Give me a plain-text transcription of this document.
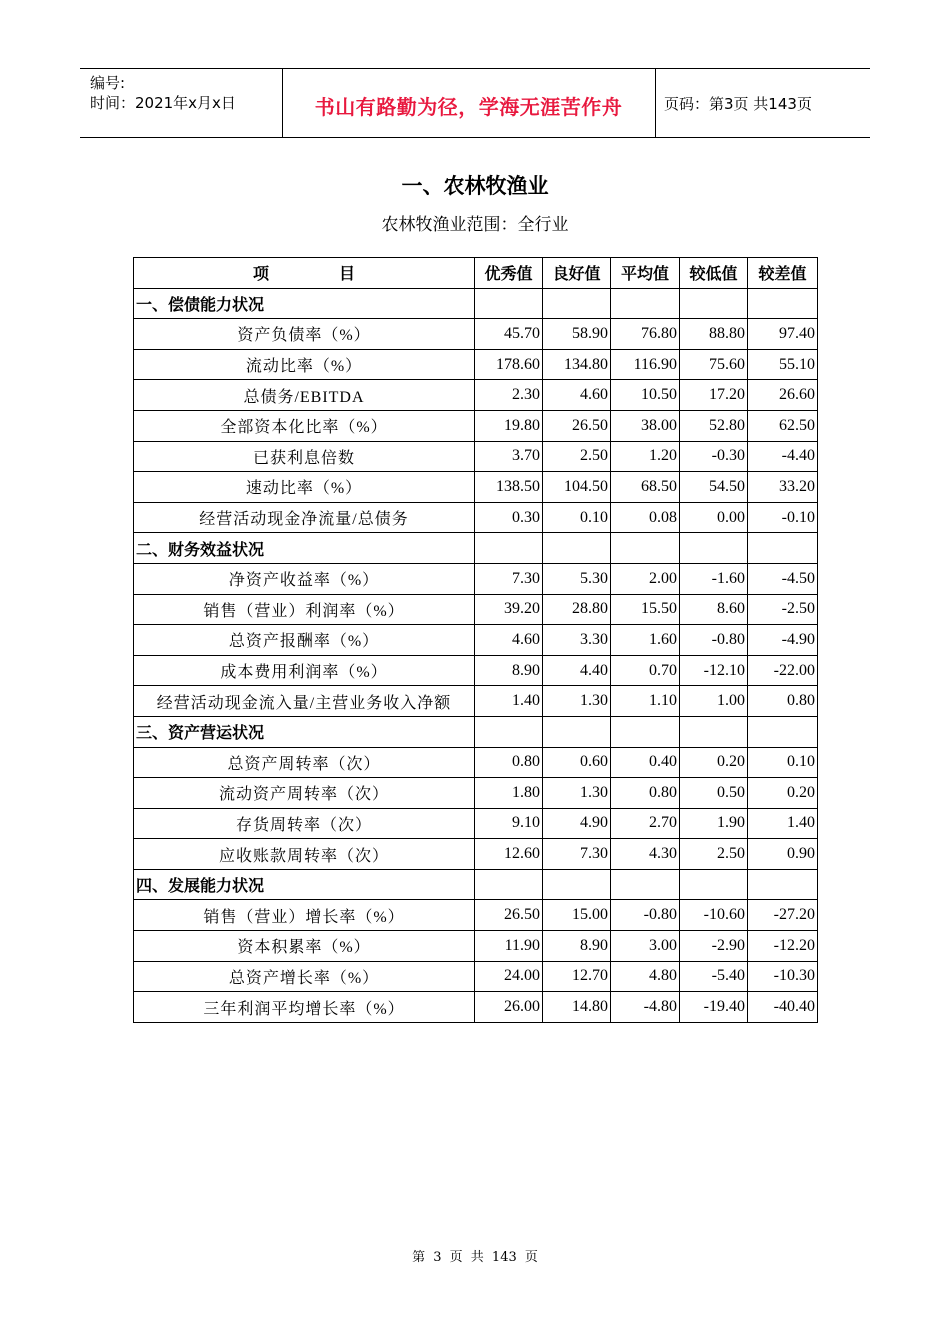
编号:
时间：2021年x月x日	书山有路勤为径，学海无涯苦作舟	页码：第3页 共143页
一、农林牧渔业
农林牧渔业范围：全行业
项 目	优秀值	良好值	平均值	较低值	较差值
一、偿债能力状况					
资产负债率（%）	45.70	58.90	76.80	88.80	97.40
流动比率（%）	178.60	134.80	116.90	75.60	55.10
总债务/EBITDA	2.30	4.60	10.50	17.20	26.60
全部资本化比率（%）	19.80	26.50	38.00	52.80	62.50
已获利息倍数	3.70	2.50	1.20	-0.30	-4.40
速动比率（%）	138.50	104.50	68.50	54.50	33.20
经营活动现金净流量/总债务	0.30	0.10	0.08	0.00	-0.10
二、财务效益状况					
净资产收益率（%）	7.30	5.30	2.00	-1.60	-4.50
销售（营业）利润率（%）	39.20	28.80	15.50	8.60	-2.50
总资产报酬率（%）	4.60	3.30	1.60	-0.80	-4.90
成本费用利润率（%）	8.90	4.40	0.70	-12.10	-22.00
经营活动现金流入量/主营业务收入净额	1.40	1.30	1.10	1.00	0.80
三、资产营运状况					
总资产周转率（次）	0.80	0.60	0.40	0.20	0.10
流动资产周转率（次）	1.80	1.30	0.80	0.50	0.20
存货周转率（次）	9.10	4.90	2.70	1.90	1.40
应收账款周转率（次）	12.60	7.30	4.30	2.50	0.90
四、发展能力状况					
销售（营业）增长率（%）	26.50	15.00	-0.80	-10.60	-27.20
资本积累率（%）	11.90	8.90	3.00	-2.90	-12.20
总资产增长率（%）	24.00	12.70	4.80	-5.40	-10.30
三年利润平均增长率（%）	26.00	14.80	-4.80	-19.40	-40.40
第 3 页 共 143 页
